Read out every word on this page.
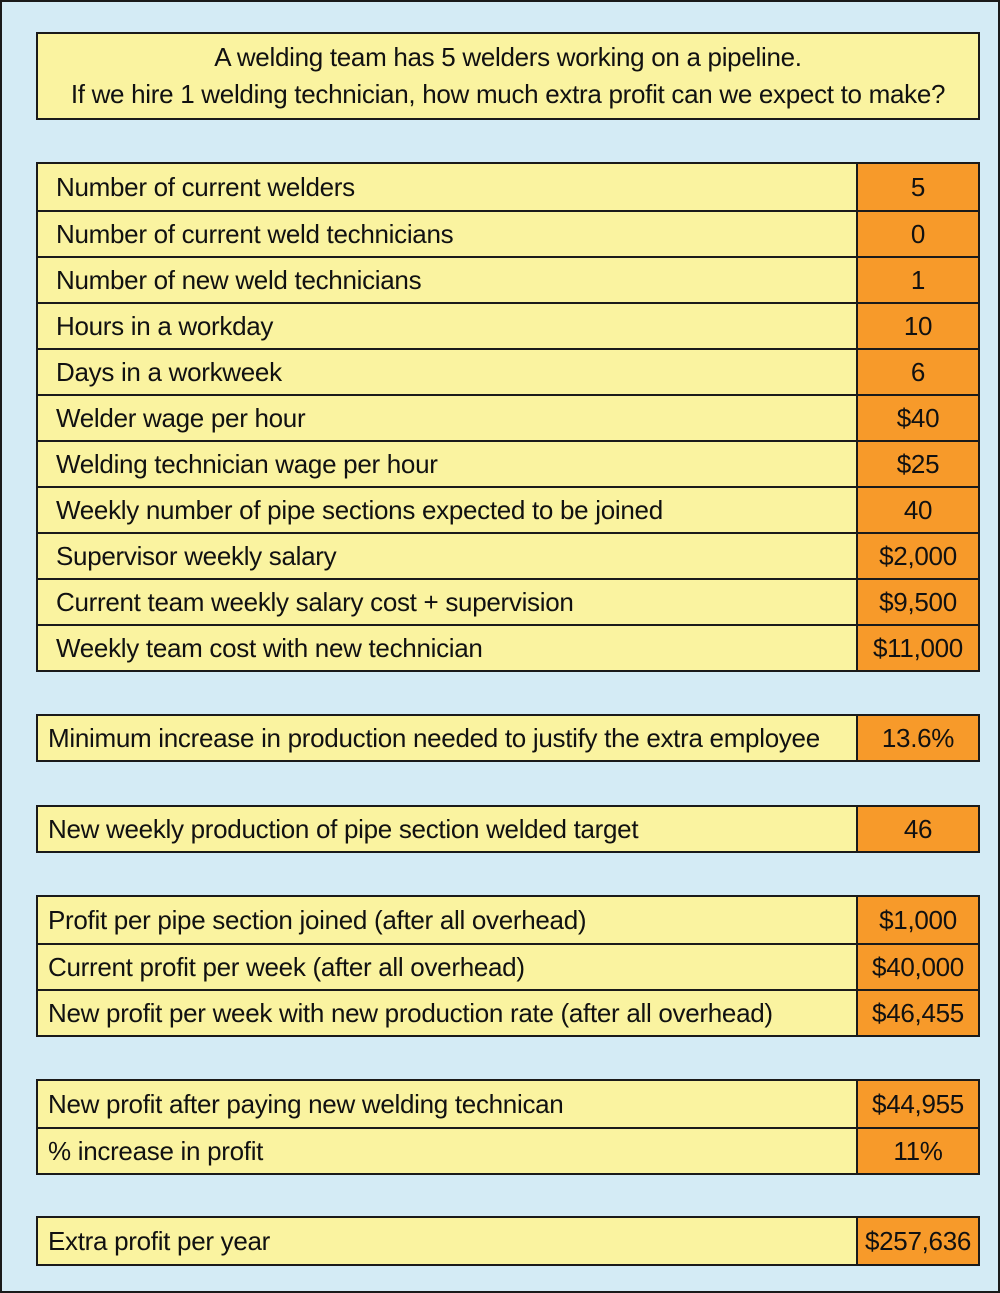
A welding team has 5 welders working on a pipeline.
If we hire 1 welding technician, how much extra profit can we expect to make?
Number of current welders	5
Number of current weld technicians	0
Number of new weld technicians	1
Hours in a workday	10
Days in a workweek	6
Welder wage per hour	$40
Welding technician wage per hour	$25
Weekly number of pipe sections expected to be joined	40
Supervisor weekly salary	$2,000
Current team weekly salary cost + supervision	$9,500
Weekly team cost with new technician	$11,000
Minimum increase in production needed to justify the extra employee	13.6%
New weekly production of pipe section welded target	46
Profit per pipe section joined (after all overhead)	$1,000
Current profit per week (after all overhead)	$40,000
New profit per week with new production rate (after all overhead)	$46,455
New profit after paying new welding technican	$44,955
% increase in profit	11%
Extra profit per year	$257,636
